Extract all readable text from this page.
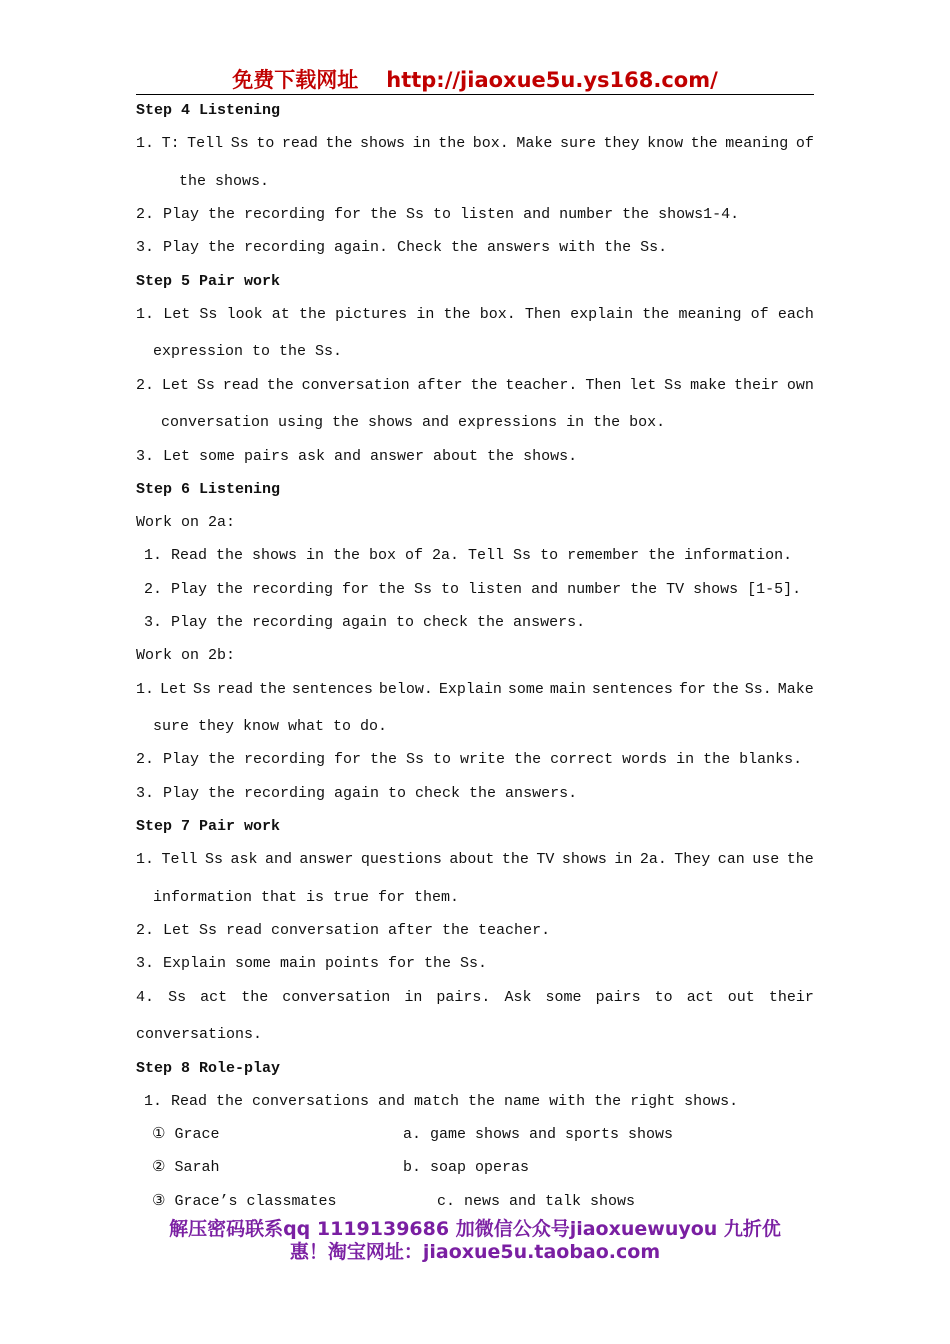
免费下载网址 http://jiaoxue5u.ys168.com/
Step 4 Listening
1. T: Tell Ss to read the shows in the box. Make sure they know the meaning of
the shows.
2. Play the recording for the Ss to listen and number the shows1-4.
3. Play the recording again. Check the answers with the Ss.
Step 5 Pair work
1. Let Ss look at the pictures in the box. Then explain the meaning of each
expression to the Ss.
2. Let Ss read the conversation after the teacher. Then let Ss make their own
conversation using the shows and expressions in the box.
3. Let some pairs ask and answer about the shows.
Step 6 Listening
Work on 2a:
1. Read the shows in the box of 2a. Tell Ss to remember the information.
2. Play the recording for the Ss to listen and number the TV shows [1-5].
3. Play the recording again to check the answers.
Work on 2b:
1. Let Ss read the sentences below. Explain some main sentences for the Ss. Make
sure they know what to do.
2. Play the recording for the Ss to write the correct words in the blanks.
3. Play the recording again to check the answers.
Step 7 Pair work
1. Tell Ss ask and answer questions about the TV shows in 2a. They can use the
information that is true for them.
2. Let Ss read conversation after the teacher.
3. Explain some main points for the Ss.
4. Ss act the conversation in pairs. Ask some pairs to act out their
conversations.
Step 8 Role-play
1. Read the conversations and match the name with the right shows.
① Grace	a. game shows and sports shows
② Sarah	b. soap operas
③ Grace’s classmates	c. news and talk shows
解压密码联系qq 1119139686 加微信公众号jiaoxuewuyou 九折优
惠！淘宝网址：jiaoxue5u.taobao.com
